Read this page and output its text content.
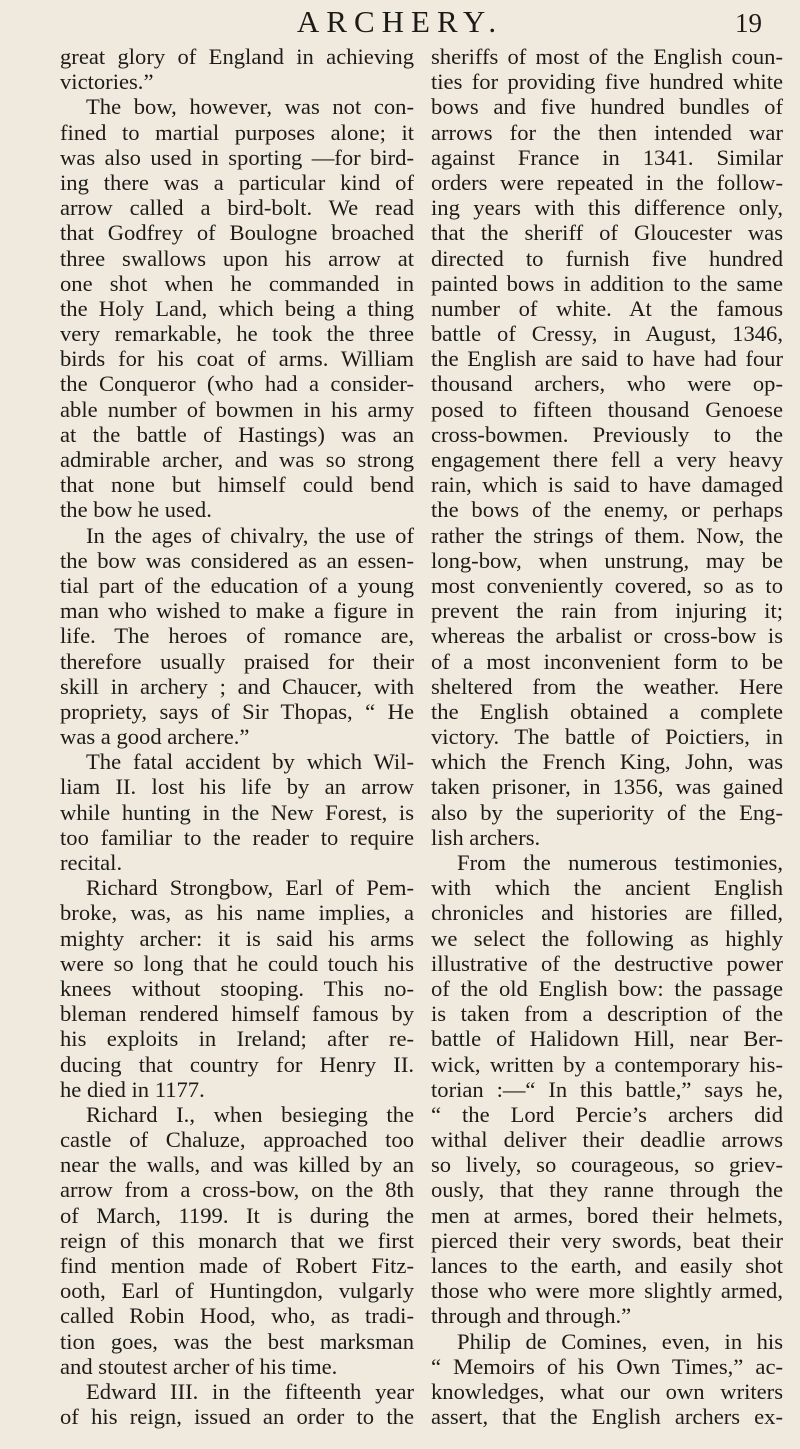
ARCHERY.	19
great glory of England in achieving
victories.”
The bow, however, was not con-
fined to martial purposes alone; it
was also used in sporting —for bird-
ing there was a particular kind of
arrow called a bird-bolt. We read
that Godfrey of Boulogne broached
three swallows upon his arrow at
one shot when he commanded in
the Holy Land, which being a thing
very remarkable, he took the three
birds for his coat of arms. William
the Conqueror (who had a consider-
able number of bowmen in his army
at the battle of Hastings) was an
admirable archer, and was so strong
that none but himself could bend
the bow he used.
In the ages of chivalry, the use of
the bow was considered as an essen-
tial part of the education of a young
man who wished to make a figure in
life. The heroes of romance are,
therefore usually praised for their
skill in archery ; and Chaucer, with
propriety, says of Sir Thopas, “ He
was a good archere.”
The fatal accident by which Wil-
liam II. lost his life by an arrow
while hunting in the New Forest, is
too familiar to the reader to require
recital.
Richard Strongbow, Earl of Pem-
broke, was, as his name implies, a
mighty archer: it is said his arms
were so long that he could touch his
knees without stooping. This no-
bleman rendered himself famous by
his exploits in Ireland; after re-
ducing that country for Henry II.
he died in 1177.
Richard I., when besieging the
castle of Chaluze, approached too
near the walls, and was killed by an
arrow from a cross-bow, on the 8th
of March, 1199. It is during the
reign of this monarch that we first
find mention made of Robert Fitz-
ooth, Earl of Huntingdon, vulgarly
called Robin Hood, who, as tradi-
tion goes, was the best marksman
and stoutest archer of his time.
Edward III. in the fifteenth year
of his reign, issued an order to the
sheriffs of most of the English coun-
ties for providing five hundred white
bows and five hundred bundles of
arrows for the then intended war
against France in 1341. Similar
orders were repeated in the follow-
ing years with this difference only,
that the sheriff of Gloucester was
directed to furnish five hundred
painted bows in addition to the same
number of white. At the famous
battle of Cressy, in August, 1346,
the English are said to have had four
thousand archers, who were op-
posed to fifteen thousand Genoese
cross-bowmen. Previously to the
engagement there fell a very heavy
rain, which is said to have damaged
the bows of the enemy, or perhaps
rather the strings of them. Now, the
long-bow, when unstrung, may be
most conveniently covered, so as to
prevent the rain from injuring it;
whereas the arbalist or cross-bow is
of a most inconvenient form to be
sheltered from the weather. Here
the English obtained a complete
victory. The battle of Poictiers, in
which the French King, John, was
taken prisoner, in 1356, was gained
also by the superiority of the Eng-
lish archers.
From the numerous testimonies,
with which the ancient English
chronicles and histories are filled,
we select the following as highly
illustrative of the destructive power
of the old English bow: the passage
is taken from a description of the
battle of Halidown Hill, near Ber-
wick, written by a contemporary his-
torian :—“ In this battle,” says he,
“ the Lord Percie’s archers did
withal deliver their deadlie arrows
so lively, so courageous, so griev-
ously, that they ranne through the
men at armes, bored their helmets,
pierced their very swords, beat their
lances to the earth, and easily shot
those who were more slightly armed,
through and through.”
Philip de Comines, even, in his
“ Memoirs of his Own Times,” ac-
knowledges, what our own writers
assert, that the English archers ex-
